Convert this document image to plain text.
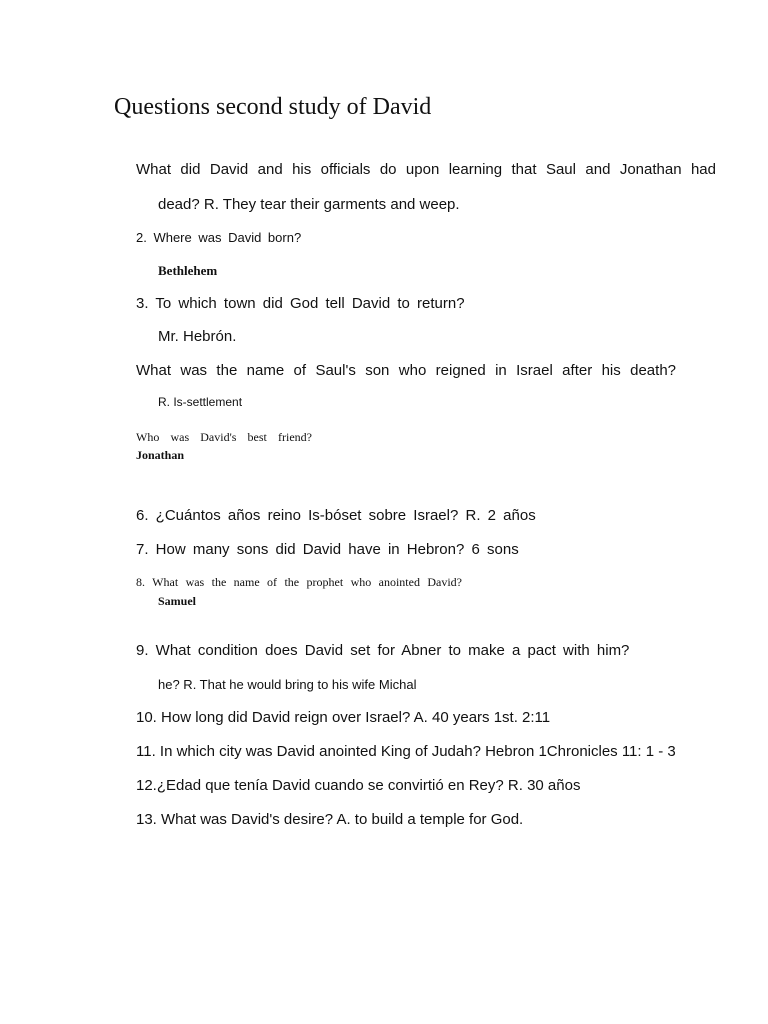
Questions second study of David
What did David and his officials do upon learning that Saul and Jonathan had
dead? R. They tear their garments and weep.
2. Where was David born?
Bethlehem
3. To which town did God tell David to return?
Mr. Hebrón.
What was the name of Saul's son who reigned in Israel after his death?
R. Is-settlement
Who was David's best friend?
Jonathan
6. ¿Cuántos años reino Is-bóset sobre Israel? R. 2 años
7. How many sons did David have in Hebron? 6 sons
8. What was the name of the prophet who anointed David?
Samuel
9. What condition does David set for Abner to make a pact with him?
he? R. That he would bring to his wife Michal
10. How long did David reign over Israel? A. 40 years 1st. 2:11
11. In which city was David anointed King of Judah? Hebron 1Chronicles 11: 1 - 3
12.¿Edad que tenía David cuando se convirtió en Rey? R. 30 años
13. What was David's desire? A. to build a temple for God.
